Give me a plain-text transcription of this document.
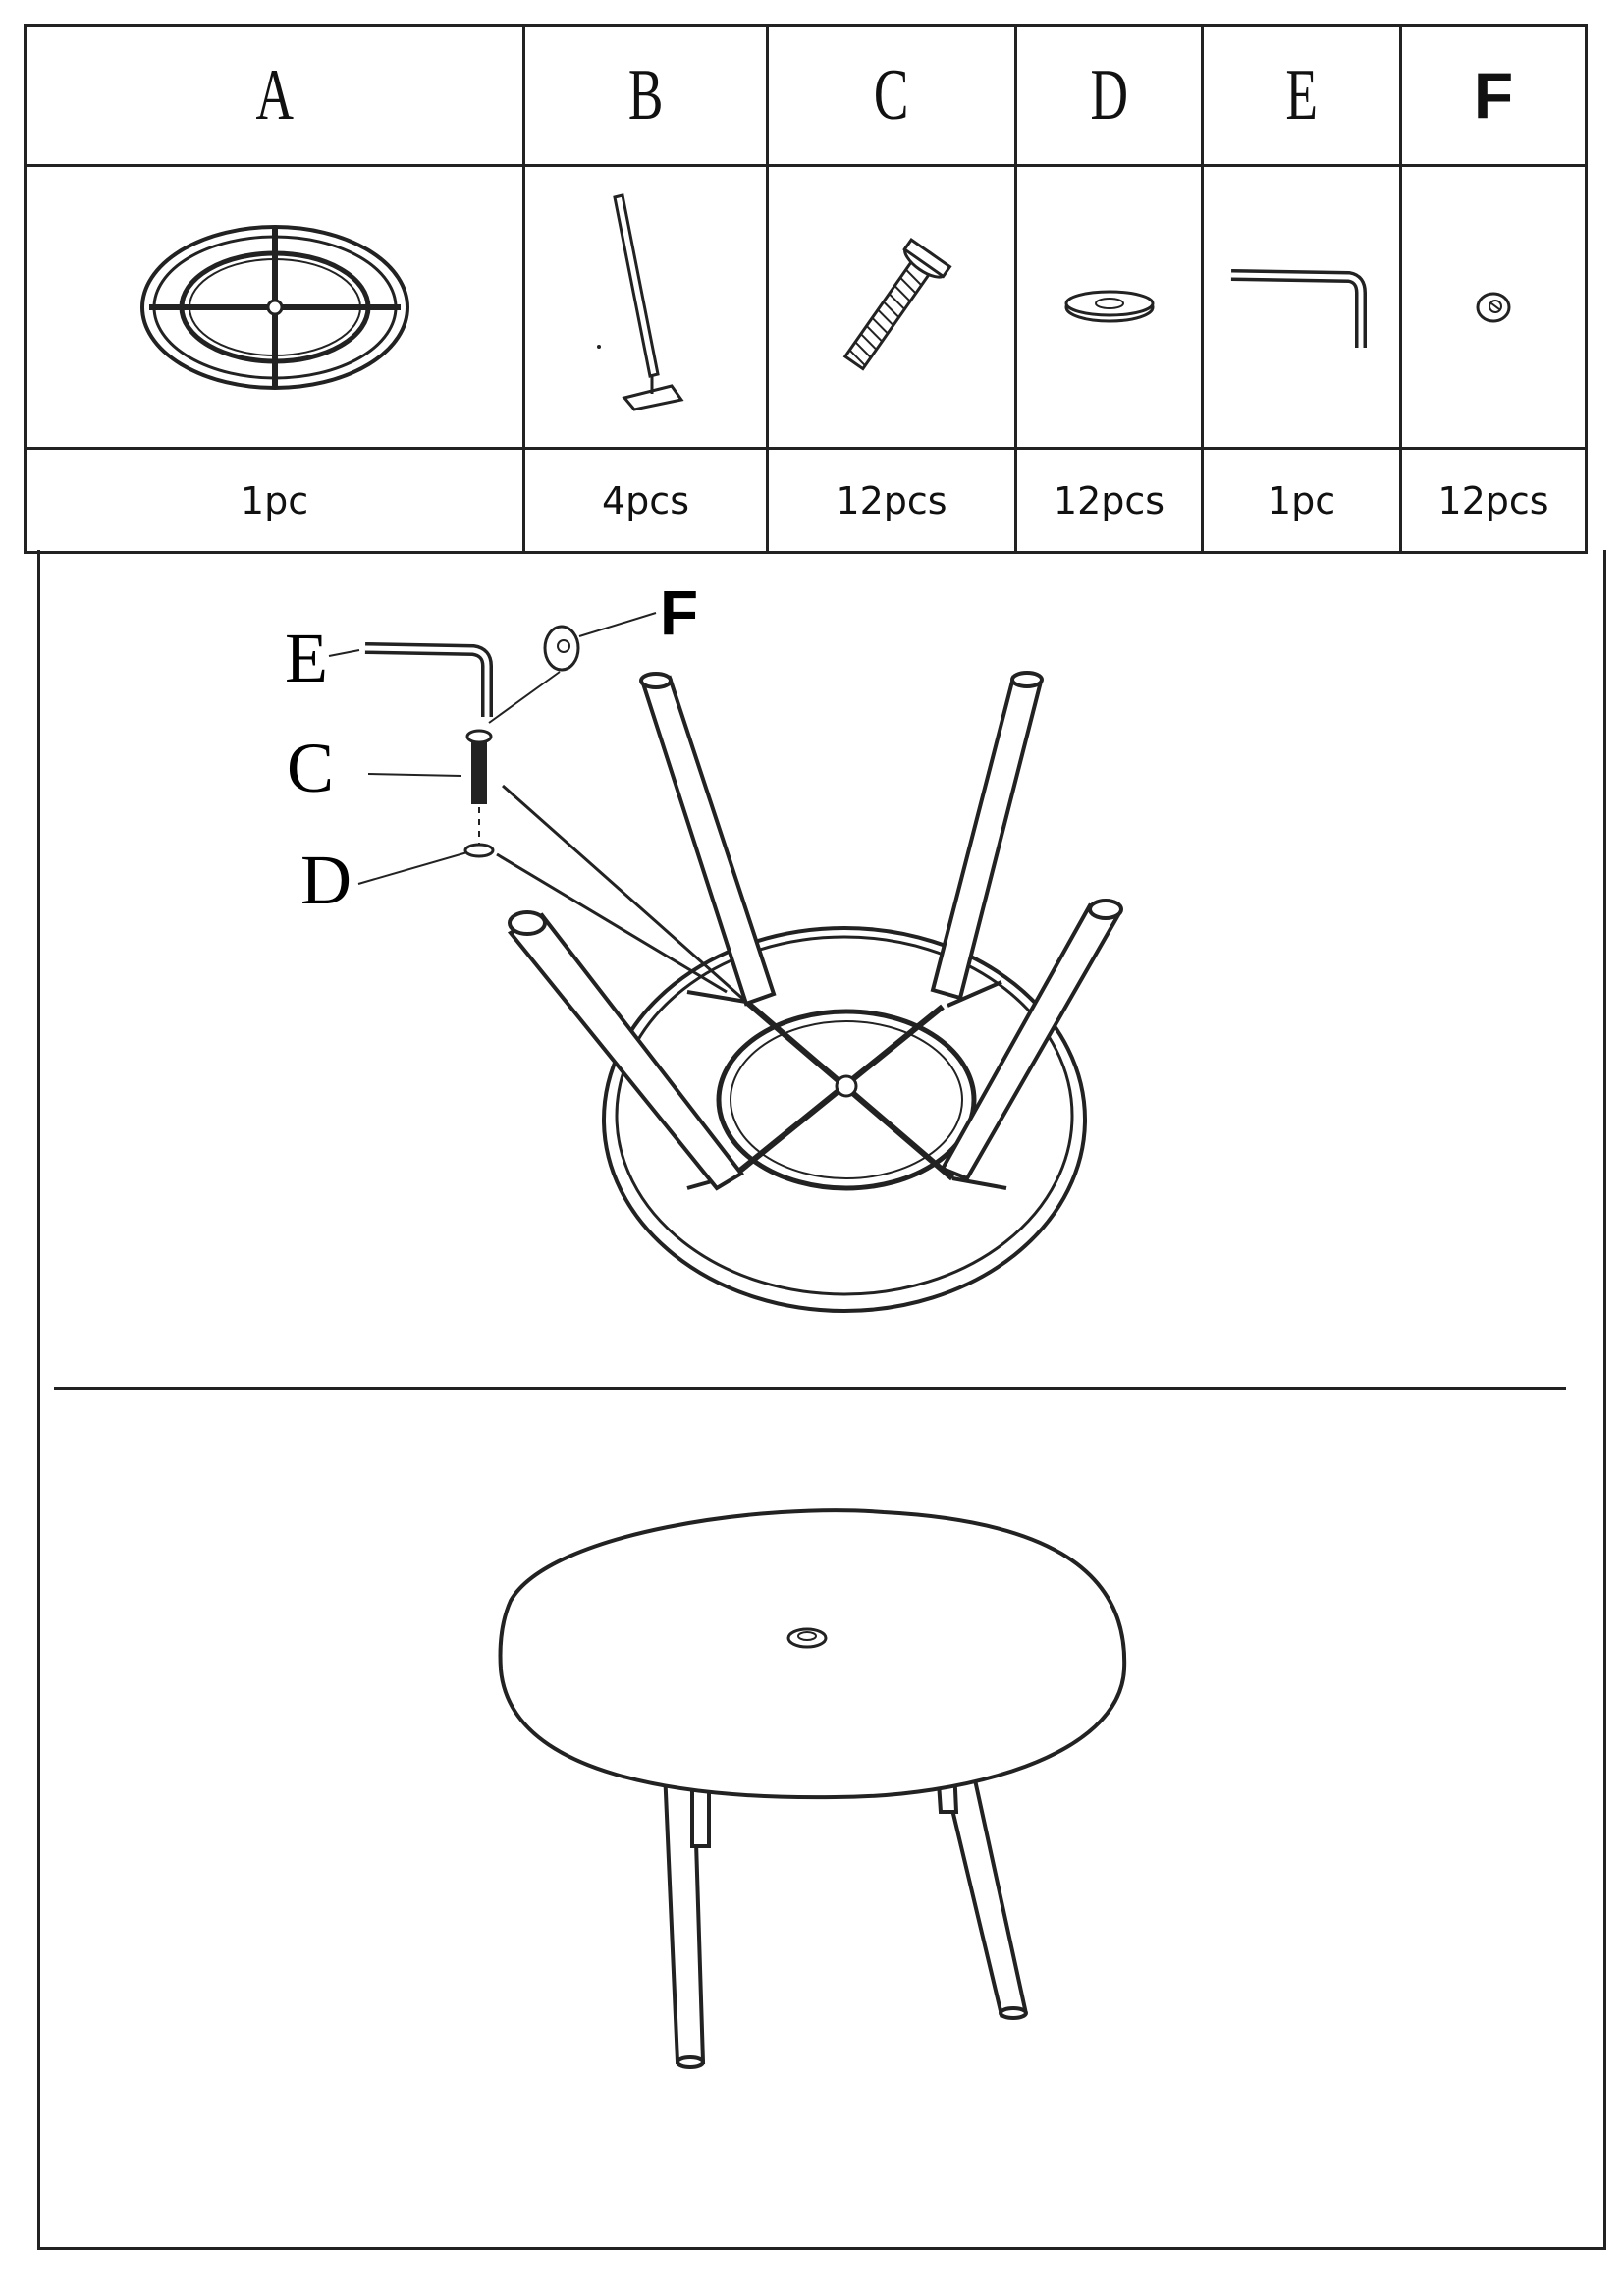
A	B	C	D	E	F

1pc	4pcs	12pcs	12pcs	1pc	12pcs
E
F
C
D
